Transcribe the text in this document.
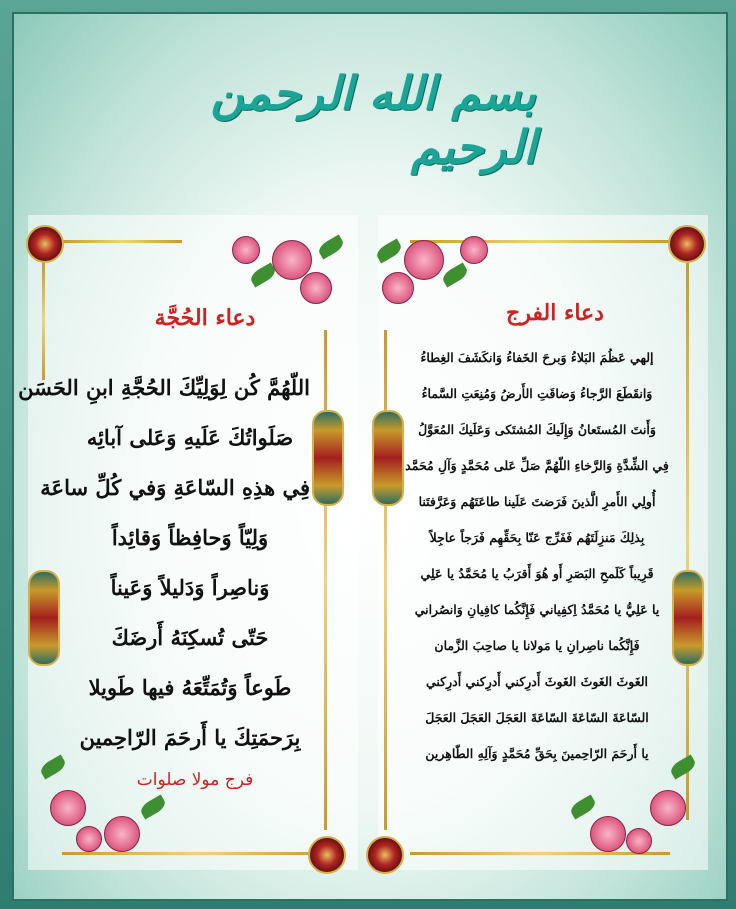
بسم الله الرحمن الرحيم
دعاء الحُجَّة	دعاء الفرج
اللّهُمَّ كُن لِوَلِيِّكَ الحُجَّةِ ابنِ الحَسَن
صَلَواتُكَ عَلَيهِ وَعَلى آبائِه
فِي هذِهِ السّاعَةِ وَفي كُلِّ ساعَة
وَلِيّاً وَحافِظاً وَقائِداً
وَناصِراً وَدَليلاً وَعَيناً
حَتّى تُسكِنَهُ أَرضَكَ
طَوعاً وَتُمَتِّعَهُ فيها طَويلا
بِرَحمَتِكَ يا أَرحَمَ الرّاحِمين
فرج مولا صلوات
إلهي عَظُمَ البَلاءُ وَبرحَ الخَفاءُ وَانكَشَفَ الغِطاءُ
وَانقَطَعَ الرَّجاءُ وَضاقَتِ الأَرضُ وَمُنِعَتِ السَّماءُ
وَأَنتَ المُستَعانُ وَإِلَيكَ المُشتَكى وَعَلَيكَ المُعَوَّلُ
فِي الشِّدَّةِ وَالرَّخاءِ اللّهُمَّ صَلِّ عَلى مُحَمَّدٍ وَآلِ مُحَمَّد
أُولِي الأَمرِ الَّذينَ فَرَضتَ عَلَينا طاعَتَهُم وَعَرَّفتَنا
بِذلِكَ مَنزِلَتَهُم فَفَرِّج عَنّا بِحَقِّهِم فَرَجاً عاجِلاً
قَرِيباً كَلَمحِ البَصَرِ أَو هُوَ أَقرَبُ يا مُحَمَّدُ يا عَلِي
يا عَلِيُّ يا مُحَمَّدُ اِكفِياني فَإِنَّكُما كافِيانِ وَانصُراني
فَإِنَّكُما ناصِرانِ يا مَولانا يا صاحِبَ الزَّمان
الغَوثَ الغَوثَ الغَوثَ أَدرِكني أَدرِكني أَدرِكني
السّاعَةَ السّاعَةَ السّاعَةَ العَجَلَ العَجَلَ العَجَلَ
يا أَرحَمَ الرّاحِمينَ بِحَقِّ مُحَمَّدٍ وَآلِهِ الطّاهِرين
